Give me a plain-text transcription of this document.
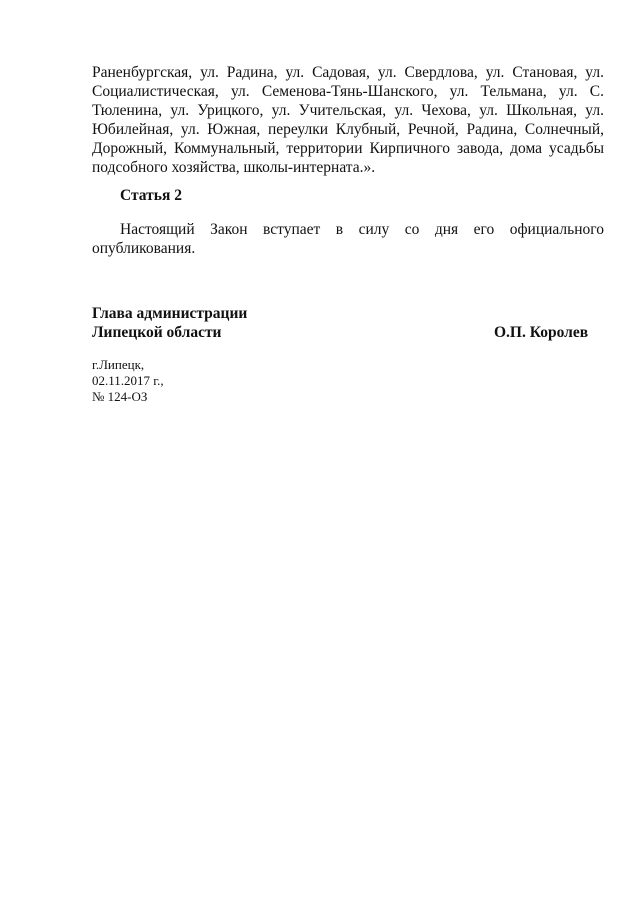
Раненбургская, ул. Радина, ул. Садовая, ул. Свердлова, ул. Становая, ул.
Социалистическая, ул. Семенова-Тянь-Шанского, ул. Тельмана, ул. С.
Тюленина, ул. Урицкого, ул. Учительская, ул. Чехова, ул. Школьная, ул.
Юбилейная, ул. Южная, переулки Клубный, Речной, Радина, Солнечный,
Дорожный, Коммунальный, территории Кирпичного завода, дома усадьбы
подсобного хозяйства, школы-интерната.».
Статья 2
Настоящий Закон вступает в силу со дня его официального
опубликования.
Глава администрации
Липецкой области	О.П. Королев
г.Липецк,
02.11.2017 г.,
№ 124-ОЗ
